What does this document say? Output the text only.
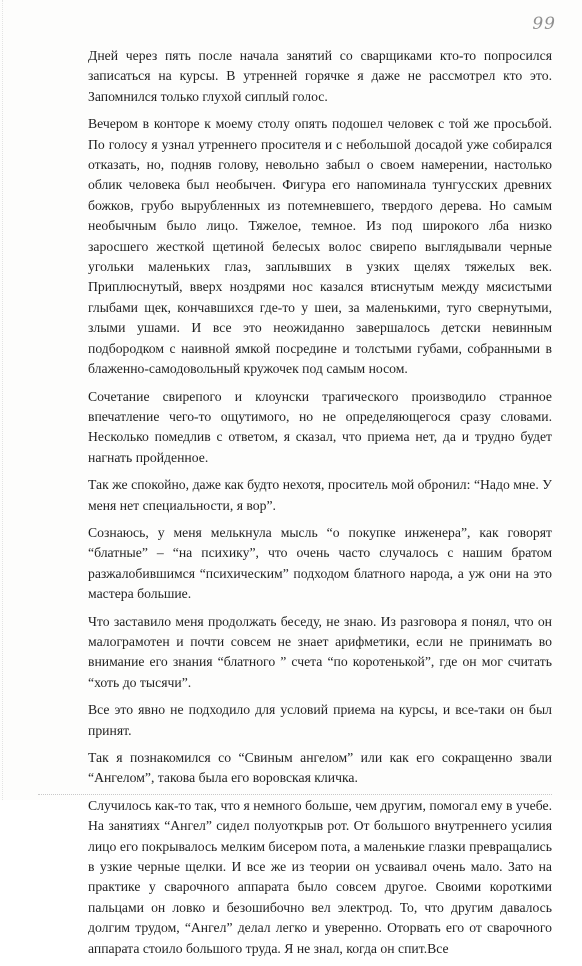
99

Дней через пять после начала занятий со сварщиками кто-то попросился записаться на курсы. В утренней горячке я даже не рассмотрел кто это. Запомнился только глухой сиплый голос.

Вечером в конторе к моему столу опять подошел человек с той же просьбой. По голосу я узнал утреннего просителя и с небольшой досадой уже собирался отказать, но, подняв голову, невольно забыл о своем намерении, настолько облик человека был необычен. Фигура его напоминала тунгусских древних божков, грубо вырубленных из потемневшего, твердого дерева. Но самым необычным было лицо. Тяжелое, темное. Из под широкого лба низко заросшего жесткой щетиной белесых волос свирепо выглядывали черные угольки маленьких глаз, заплывших в узких щелях тяжелых век. Приплюснутый, вверх ноздрями нос казался втиснутым между мясистыми глыбами щек, кончавшихся где-то у шеи, за маленькими, туго свернутыми, злыми ушами. И все это неожиданно завершалось детски невинным подбородком с наивной ямкой посредине и толстыми губами, собранными в блаженно-самодовольный кружочек под самым носом.

Сочетание свирепого и клоунски трагического производило странное впечатление чего-то ощутимого, но не определяющегося сразу словами. Несколько помедлив с ответом, я сказал, что приема нет, да и трудно будет нагнать пройденное.

Так же спокойно, даже как будто нехотя, проситель мой обронил: “Надо мне. У меня нет специальности, я вор”.

Сознаюсь, у меня мелькнула мысль “о покупке инженера”, как говорят “блатные” – “на психику”, что очень часто случалось с нашим братом разжалобившимся “психическим” подходом блатного народа, а уж они на это мастера большие.

Что заставило меня продолжать беседу, не знаю. Из разговора я понял, что он малограмотен и почти совсем не знает арифметики, если не принимать во внимание его знания “блатного ” счета “по коротенькой”, где он мог считать “хоть до тысячи”.

Все это явно не подходило для условий приема на курсы, и все-таки он был принят.

Так я познакомился со “Свиным ангелом” или как его сокращенно звали “Ангелом”, такова была его воровская кличка.

Случилось как-то так, что я немного больше, чем другим, помогал ему в учебе. На занятиях “Ангел” сидел полуоткрыв рот. От большого внутреннего усилия лицо его покрывалось мелким бисером пота, а маленькие глазки превращались в узкие черные щелки. И все же из теории он усваивал очень мало. Зато на практике у сварочного аппарата было совсем другое. Своими короткими пальцами он ловко и безошибочно вел электрод. То, что другим давалось долгим трудом, “Ангел” делал легко и уверенно. Оторвать его от сварочного аппарата стоило большого труда. Я не знал, когда он спит.Все
